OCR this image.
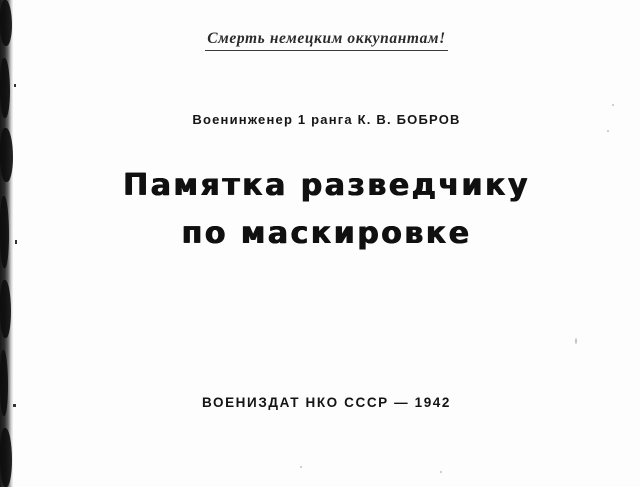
Смерть немецким оккупантам!
Военинженер 1 ранга К. В. БОБРОВ
Памятка разведчику
по маскировке
ВОЕНИЗДАТ НКО СССР — 1942
